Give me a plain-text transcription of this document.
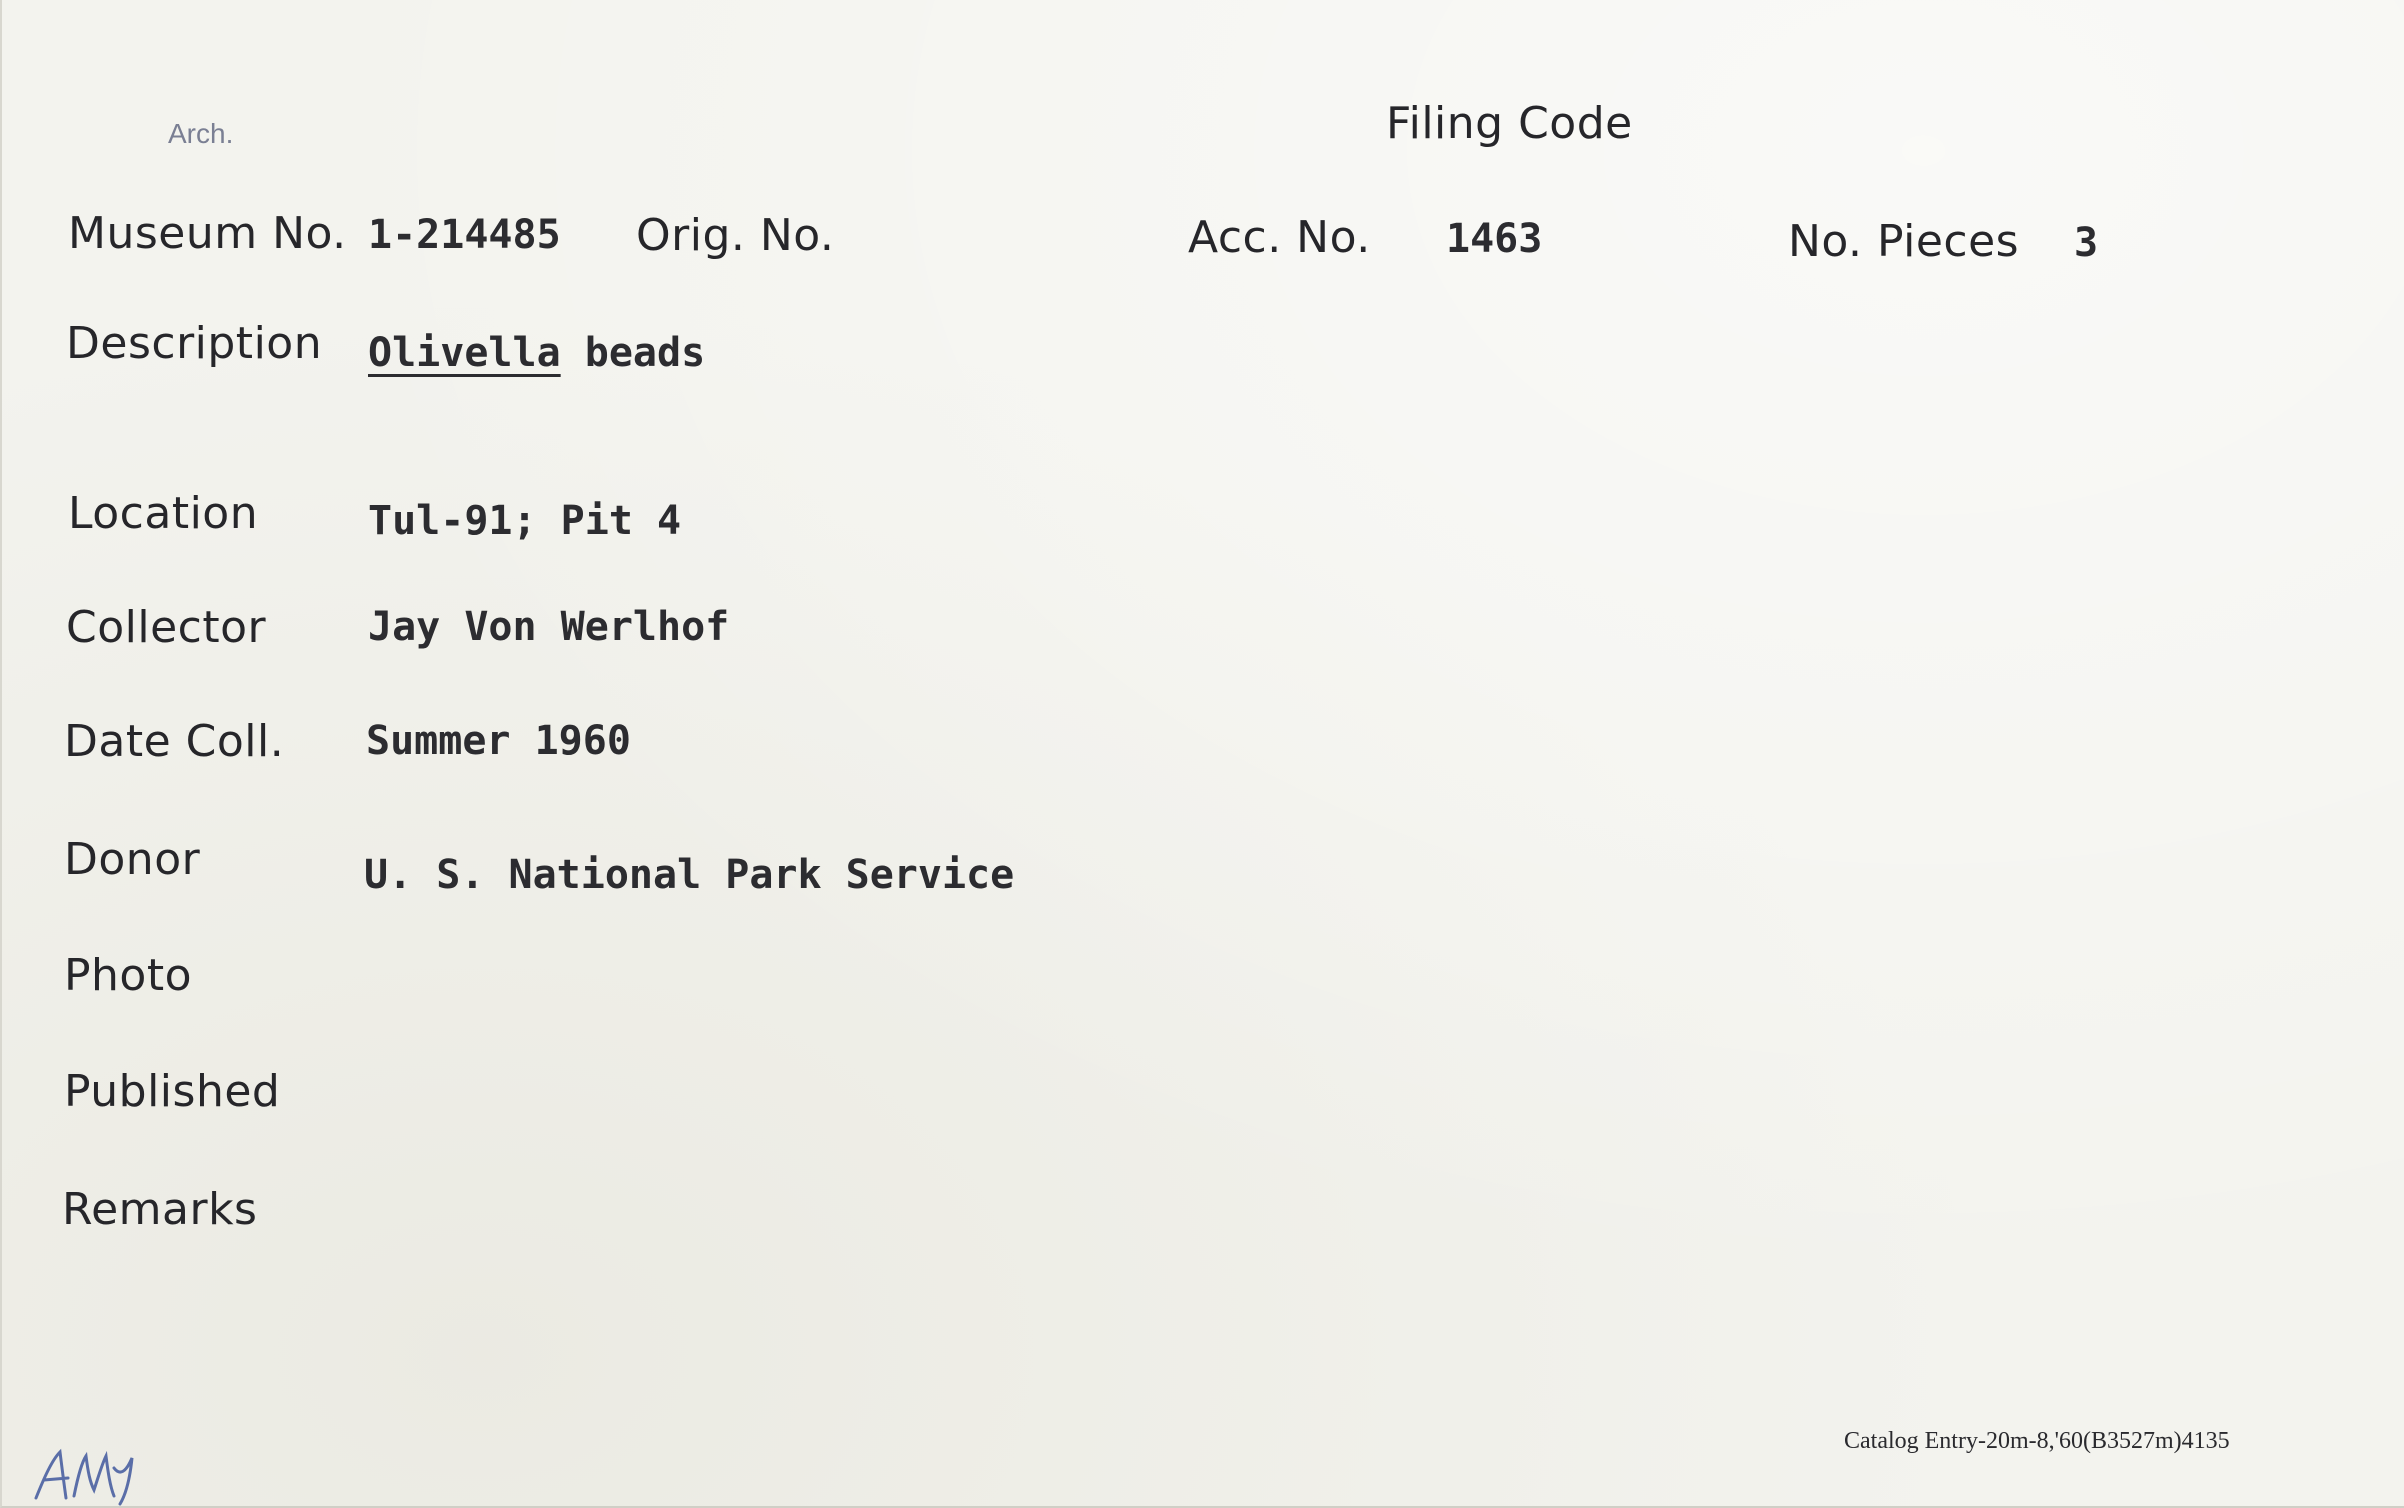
Arch.	Filing Code
Museum No. 1-214485 Orig. No.	Acc. No. 1463	No. Pieces 3
Description Olivella beads
Location	Tul-91; Pit 4
Collector	Jay Von Werlhof
Date Coll. Summer 1960
Donor	U. S. National Park Service
Photo
Published
Remarks
Catalog Entry-20m-8,'60(B3527m)4135
